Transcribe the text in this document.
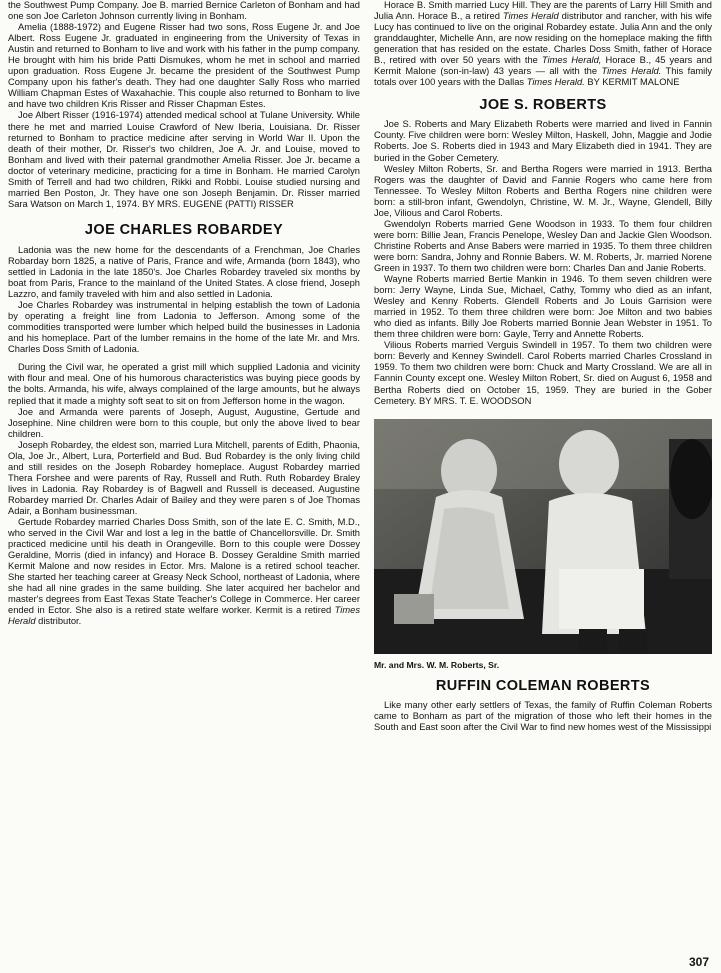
the Southwest Pump Company. Joe B. married Bernice Carleton of Bonham and had one son Joe Carleton Johnson currently living in Bonham.

Amelia (1888-1972) and Eugene Risser had two sons, Ross Eugene Jr. and Joe Albert. Ross Eugene Jr. graduated in engineering from the University of Texas in Austin and returned to Bonham to live and work with his father in the pump company. He brought with him his bride Patti Dismukes, whom he met in school and married upon graduation. Ross Eugene Jr. became the president of the Southwest Pump Company upon his father's death. They had one daughter Sally Ross who married William Chapman Estes of Waxahachie. This couple also returned to Bonham to live and have two children Kris Risser and Risser Chapman Estes.

Joe Albert Risser (1916-1974) attended medical school at Tulane University. While there he met and married Louise Crawford of New Iberia, Louisiana. Dr. Risser returned to Bonham to practice medicine after serving in World War II. Upon the death of their mother, Dr. Risser's two children, Joe A. Jr. and Louise, moved to Bonham and lived with their paternal grandmother Amelia Risser. Joe Jr. became a doctor of veterinary medicine, practicing for a time in Bonham. He married Carolyn Smith of Terrell and had two children, Rikki and Robbi. Louise studied nursing and married Ben Poston, Jr. They have one son Joseph Benjamin. Dr. Risser married Sara Watson on March 1, 1974. BY MRS. EUGENE (PATTI) RISSER

JOE CHARLES ROBARDEY

Ladonia was the new home for the descendants of a Frenchman, Joe Charles Robarday born 1825, a native of Paris, France and wife, Armanda (born 1843), who settled in Ladonia in the late 1850's. Joe Charles Robardey traveled six months by boat from Paris, France to the mainland of the United States. A close friend, Joseph Lazzro, and family traveled with him and also settled in Ladonia.

Joe Charles Robardey was instrumental in helping establish the town of Ladonia by operating a freight line from Ladonia to Jefferson. Among some of the commodities transported were lumber which helped build the businesses in Ladonia and his homeplace. Part of the lumber remains in the home of the late Mr. and Mrs. Charles Doss Smith of Ladonia.

During the Civil war, he operated a grist mill which supplied Ladonia and vicinity with flour and meal. One of his humorous characteristics was buying piece goods by the bolts. Armanda, his wife, always complained of the large amounts, but he always replied that it made a mighty soft seat to sit on from Jefferson home in the wagon.

Joe and Armanda were parents of Joseph, August, Augustine, Gertude and Josephine. Nine children were born to this couple, but only the above lived to bear children.

Joseph Robardey, the eldest son, married Lura Mitchell, parents of Edith, Phaonia, Ola, Joe Jr., Albert, Lura, Porterfield and Bud. Bud Robardey is the only living child and still resides on the Joseph Robardey homeplace. August Robardey married Thera Forshee and were parents of Ray, Russell and Ruth. Ruth Robardey Braley lives in Ladonia. Ray Robardey is of Bagwell and Russell is deceased. Augustine Robardey married Dr. Charles Adair of Bailey and they were paren s of Joe Thomas Adair, a Bonham businessman.

Gertude Robardey married Charles Doss Smith, son of the late E. C. Smith, M.D., who served in the Civil War and lost a leg in the battle of Chancellorsville. Dr. Smith practiced medicine until his death in Orangeville. Born to this couple were Dossey Geraldine, Morris (died in infancy) and Horace B. Dossey Geraldine Smith married Kermit Malone and now resides in Ector. Mrs. Malone is a retired school teacher. She started her teaching career at Greasy Neck School, northeast of Ladonia, where she had all nine grades in the same building. She later acquired her bachelor and master's degrees from East Texas State Teacher's College in Commerce. Her career ended in Ector. She also is a retired state welfare worker. Kermit is a retired Times Herald distributor.

Horace B. Smith married Lucy Hill. They are the parents of Larry Hill Smith and Julia Ann. Horace B., a retired Times Herald distributor and rancher, with his wife Lucy has continued to live on the original Robardey estate. Julia Ann and the only granddaughter, Michelle Ann, are now residing on the homeplace making the fifth generation that has resided on the estate. Charles Doss Smith, father of Horace B., retired with over 50 years with the Times Herald, Horace B., 45 years and Kermit Malone (son-in-law) 43 years — all with the Times Herald. This family totals over 100 years with the Dallas Times Herald. BY KERMIT MALONE

JOE S. ROBERTS

Joe S. Roberts and Mary Elizabeth Roberts were married and lived in Fannin County. Five children were born: Wesley Milton, Haskell, John, Maggie and Jodie Roberts. Joe S. Roberts died in 1943 and Mary Elizabeth died in 1941. They are buried in the Gober Cemetery.

Wesley Milton Roberts, Sr. and Bertha Rogers were married in 1913. Bertha Rogers was the daughter of David and Fannie Rogers who came here from Tennessee. To Wesley Milton Roberts and Bertha Rogers nine children were born: a still-bron infant, Gwendolyn, Christine, W. M. Jr., Wayne, Glendell, Billy Joe, Vilious and Carol Roberts.

Gwendolyn Roberts married Gene Woodson in 1933. To them four children were born: Billie Jean, Francis Penelope, Wesley Dan and Jackie Glen Woodson. Christine Roberts and Anse Babers were married in 1935. To them three children were born: Sandra, Johny and Ronnie Babers. W. M. Roberts, Jr. married Norene Green in 1937. To them two children were born: Charles Dan and Janie Roberts.

Wayne Roberts married Bertie Mankin in 1946. To them seven children were born: Jerry Wayne, Linda Sue, Michael, Cathy, Tommy who died as an infant, Wesley and Kenny Roberts. Glendell Roberts and Jo Louis Garrision were married in 1952. To them three children were born: Joe Milton and two babies who died as infants. Billy Joe Roberts married Bonnie Jean Webster in 1951. To them three children were born: Gayle, Terry and Annette Roberts.

Vilious Roberts married Verguis Swindell in 1957. To them two children were born: Beverly and Kenney Swindell. Carol Roberts married Charles Crossland in 1959. To them two children were born: Chuck and Marty Crossland. We are all in Fannin County except one. Wesley Milton Robert, Sr. died on August 6, 1958 and Bertha Roberts died on October 15, 1959. They are buried in the Gober Cemetery. BY MRS. T. E. WOODSON

Mr. and Mrs. W. M. Roberts, Sr.

RUFFIN COLEMAN ROBERTS

Like many other early settlers of Texas, the family of Ruffin Coleman Roberts came to Bonham as part of the migration of those who left their homes in the South and East soon after the Civil War to find new homes west of the Mississippi

307
